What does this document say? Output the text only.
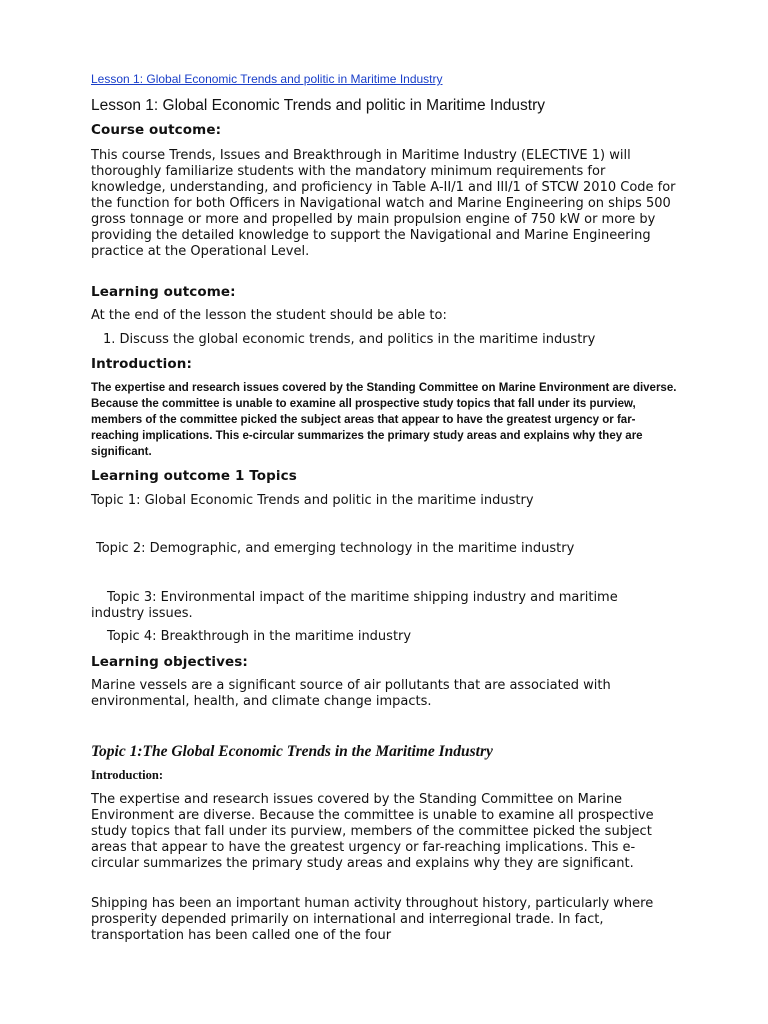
Lesson 1: Global Economic Trends and politic in Maritime Industry

Lesson 1: Global Economic Trends and politic in Maritime Industry

Course outcome:

This course Trends, Issues and Breakthrough in Maritime Industry (ELECTIVE 1) will thoroughly familiarize students with the mandatory minimum requirements for knowledge, understanding, and proficiency in Table A-II/1 and III/1 of STCW 2010 Code for the function for both Officers in Navigational watch and Marine Engineering on ships 500 gross tonnage or more and propelled by main propulsion engine of 750 kW or more by providing the detailed knowledge to support the Navigational and Marine Engineering practice at the Operational Level.

Learning outcome:

At the end of the lesson the student should be able to:

1. Discuss the global economic trends, and politics in the maritime industry

Introduction:

The expertise and research issues covered by the Standing Committee on Marine Environment are diverse. Because the committee is unable to examine all prospective study topics that fall under its purview, members of the committee picked the subject areas that appear to have the greatest urgency or far-reaching implications. This e-circular summarizes the primary study areas and explains why they are significant.

Learning outcome 1 Topics

Topic 1: Global Economic Trends and politic in the maritime industry

Topic 2: Demographic, and emerging technology in the maritime industry

Topic 3: Environmental impact of the maritime shipping industry and maritime industry issues.

Topic 4: Breakthrough in the maritime industry

Learning objectives:

Marine vessels are a significant source of air pollutants that are associated with environmental, health, and climate change impacts.

Topic 1:The Global Economic Trends in the Maritime Industry

Introduction:

The expertise and research issues covered by the Standing Committee on Marine Environment are diverse. Because the committee is unable to examine all prospective study topics that fall under its purview, members of the committee picked the subject areas that appear to have the greatest urgency or far-reaching implications. This e-circular summarizes the primary study areas and explains why they are significant.

Shipping has been an important human activity throughout history, particularly where prosperity depended primarily on international and interregional trade. In fact, transportation has been called one of the four
